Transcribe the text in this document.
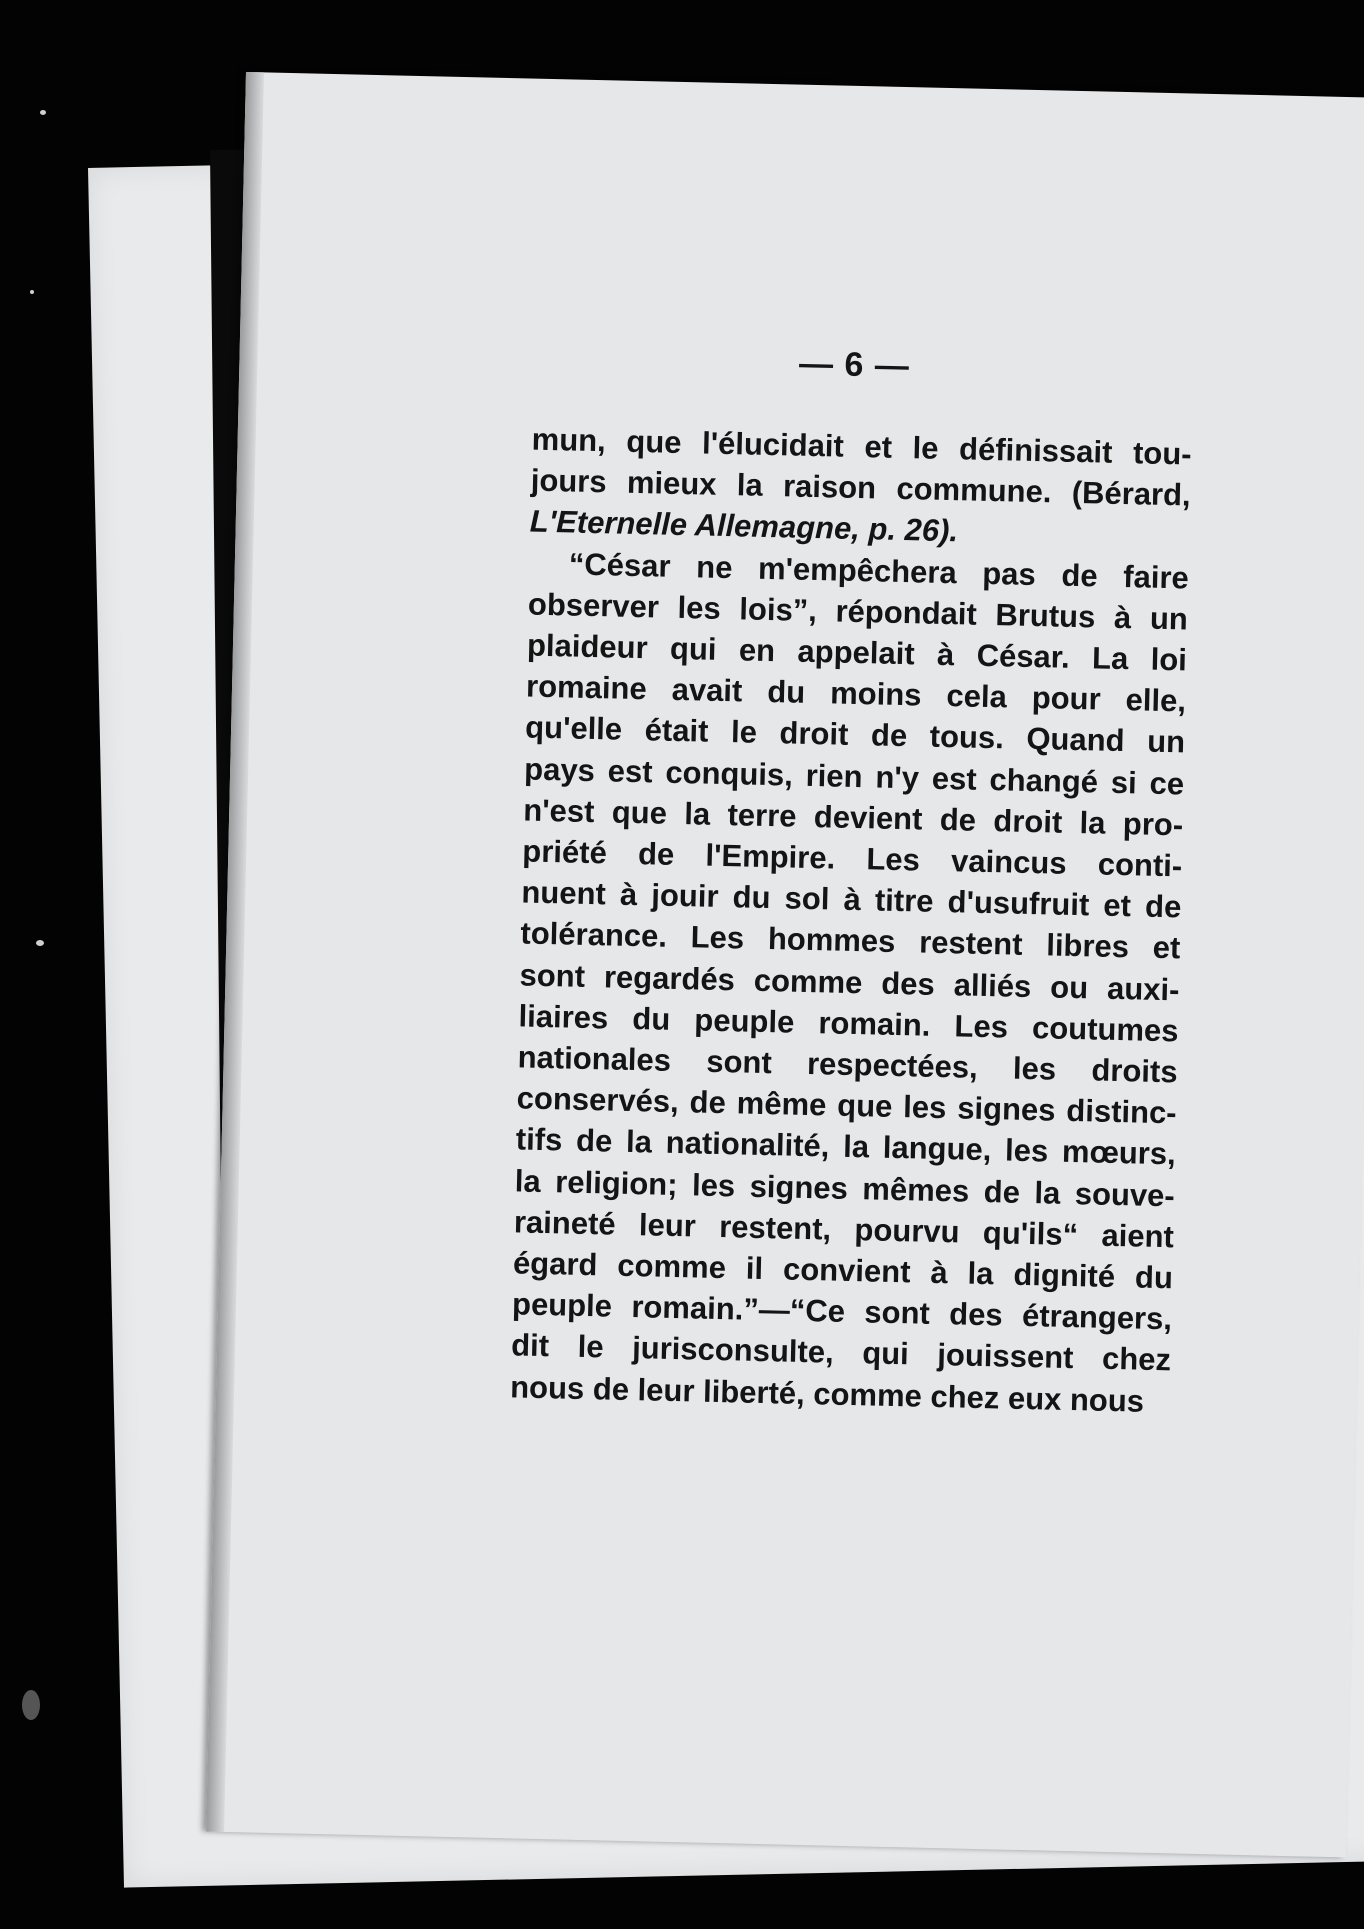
— 6 —
mun, que l'élucidait et le définissait tou-
jours mieux la raison commune. (Bérard,
L'Eternelle Allemagne, p. 26).
“César ne m'empêchera pas de faire
observer les lois”, répondait Brutus à un
plaideur qui en appelait à César. La loi
romaine avait du moins cela pour elle,
qu'elle était le droit de tous. Quand un
pays est conquis, rien n'y est changé si ce
n'est que la terre devient de droit la pro-
priété de l'Empire. Les vaincus conti-
nuent à jouir du sol à titre d'usufruit et de
tolérance. Les hommes restent libres et
sont regardés comme des alliés ou auxi-
liaires du peuple romain. Les coutumes
nationales sont respectées, les droits
conservés, de même que les signes distinc-
tifs de la nationalité, la langue, les mœurs,
la religion; les signes mêmes de la souve-
raineté leur restent, pourvu qu'ils“ aient
égard comme il convient à la dignité du
peuple romain.”—“Ce sont des étrangers,
dit le jurisconsulte, qui jouissent chez
nous de leur liberté, comme chez eux nous
